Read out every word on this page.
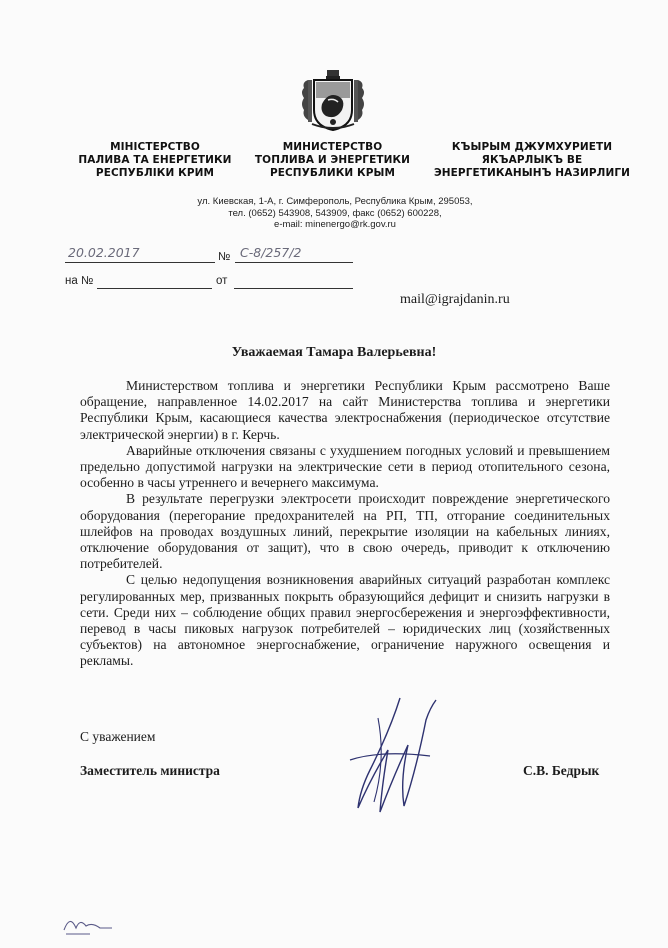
МІНІСТЕРСТВО
ПАЛИВА ТА ЕНЕРГЕТИКИ
РЕСПУБЛІКИ КРИМ
МИНИСТЕРСТВО
ТОПЛИВА И ЭНЕРГЕТИКИ
РЕСПУБЛИКИ КРЫМ
КЪЫРЫМ ДЖУМХУРИЕТИ
ЯКЪАРЛЫКЪ ВЕ
ЭНЕРГЕТИКАНЫНЪ НАЗИРЛИГИ
ул. Киевская, 1-А, г. Симферополь, Республика Крым, 295053,
тел. (0652) 543908, 543909, факс (0652) 600228,
e-mail: minenergo@rk.gov.ru
20.02.2017	№ С-8/257/2
на №	от
mail@igrajdanin.ru
Уважаемая Тамара Валерьевна!

Министерством топлива и энергетики Республики Крым рассмотрено Ваше обращение, направленное 14.02.2017 на сайт Министерства топлива и энергетики Республики Крым, касающиеся качества электроснабжения (периодическое отсутствие электрической энергии) в г. Керчь.

Аварийные отключения связаны с ухудшением погодных условий и превышением предельно допустимой нагрузки на электрические сети в период отопительного сезона, особенно в часы утреннего и вечернего максимума.

В результате перегрузки электросети происходит повреждение энергетического оборудования (перегорание предохранителей на РП, ТП, отгорание соединительных шлейфов на проводах воздушных линий, перекрытие изоляции на кабельных линиях, отключение оборудования от защит), что в свою очередь, приводит к отключению потребителей.

С целью недопущения возникновения аварийных ситуаций разработан комплекс регулированных мер, призванных покрыть образующийся дефицит и снизить нагрузки в сети. Среди них – соблюдение общих правил энергосбережения и энергоэффективности, перевод в часы пиковых нагрузок потребителей – юридических лиц (хозяйственных субъектов) на автономное энергоснабжение, ограничение наружного освещения и рекламы.

С уважением
Заместитель министра	С.В. Бедрык
